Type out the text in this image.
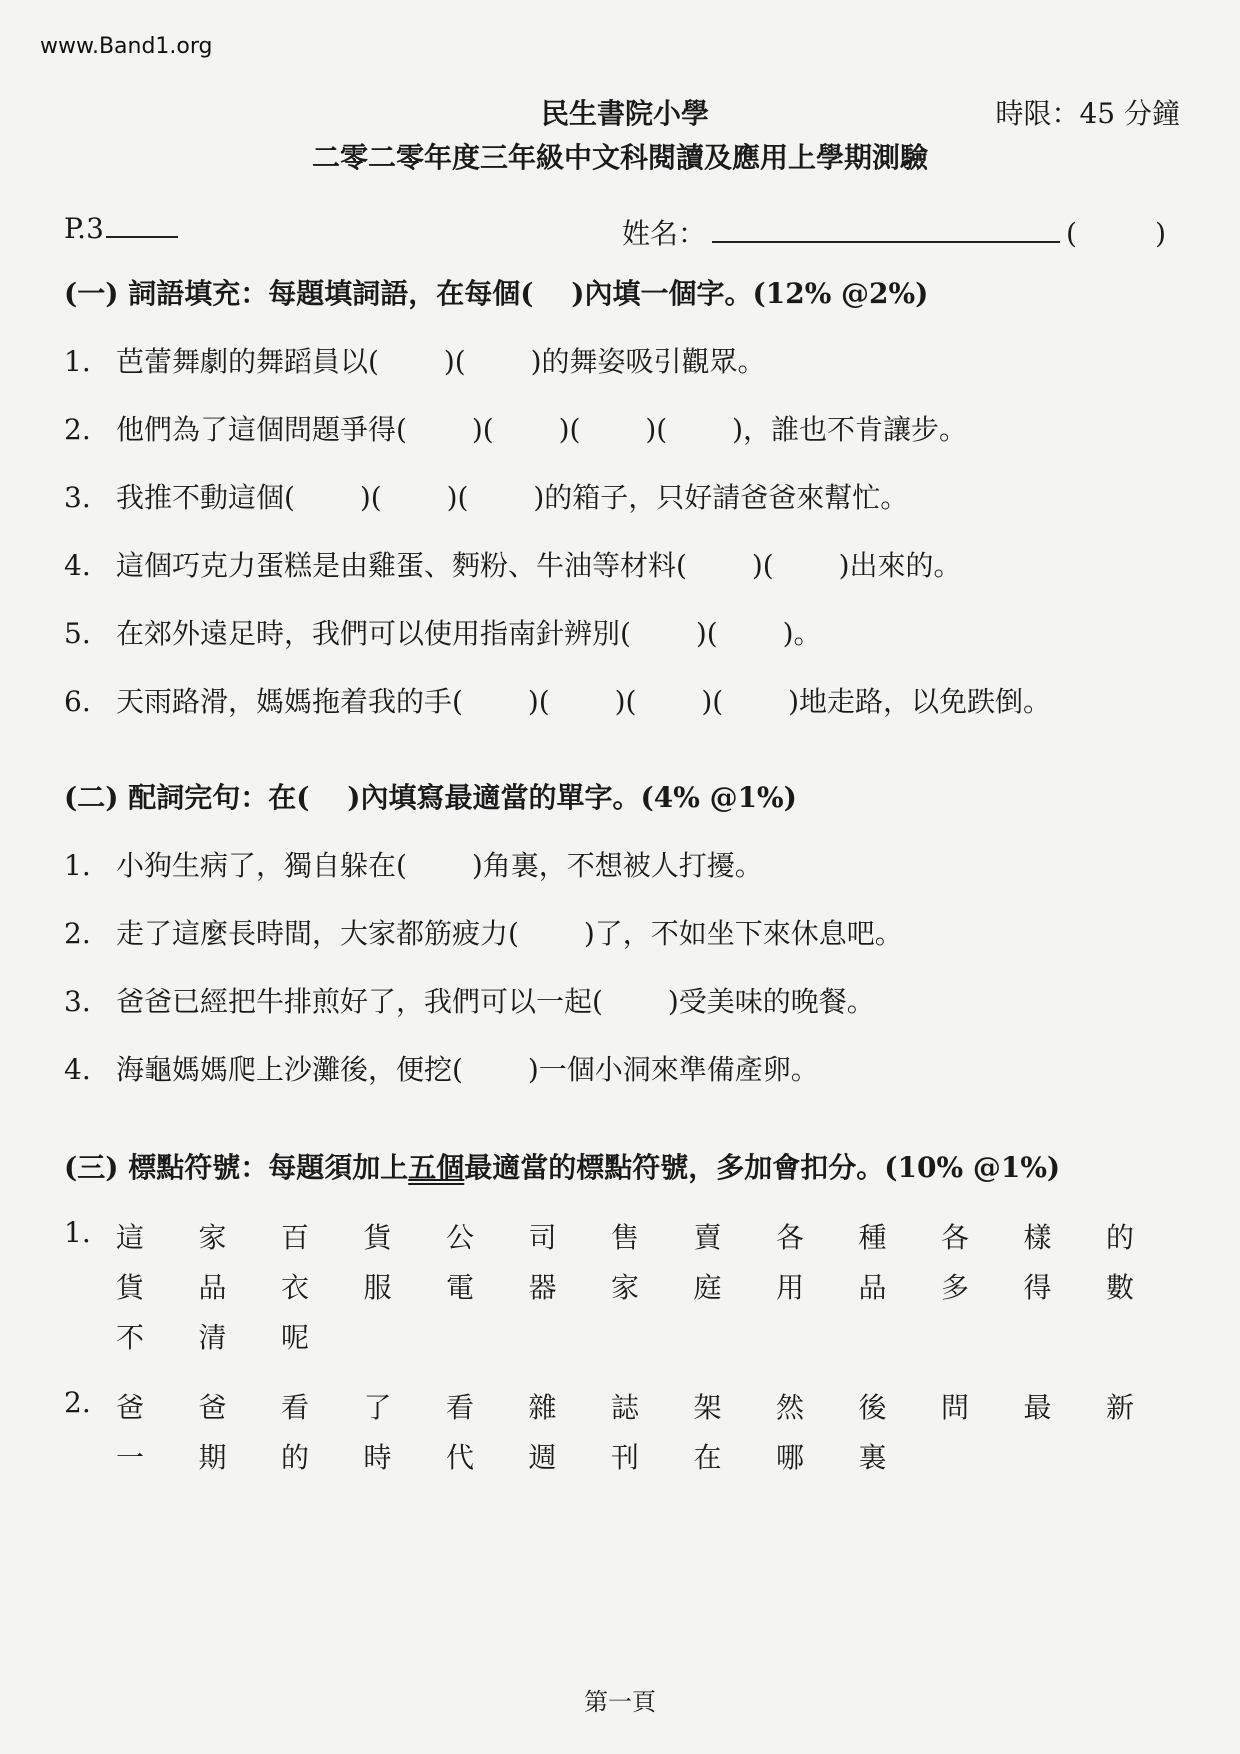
www.Band1.org
民生書院小學	時限：45 分鐘
二零二零年度三年級中文科閱讀及應用上學期測驗
P.3	姓名：	(	)
(一) 詞語填充：每題填詞語，在每個(　 )內填一個字。(12% @2%)
1. 芭蕾舞劇的舞蹈員以(　　 )(　　 )的舞姿吸引觀眾。
2. 他們為了這個問題爭得(　　 )(　　 )(　　 )(　　 )，誰也不肯讓步。
3. 我推不動這個(　　 )(　　 )(　　 )的箱子，只好請爸爸來幫忙。
4. 這個巧克力蛋糕是由雞蛋、麪粉、牛油等材料(　　 )(　　 )出來的。
5. 在郊外遠足時，我們可以使用指南針辨別(　　 )(　　 )。
6. 天雨路滑，媽媽拖着我的手(　　 )(　　 )(　　 )(　　 )地走路，以免跌倒。
(二) 配詞完句：在(　 )內填寫最適當的單字。(4% @1%)
1. 小狗生病了，獨自躲在(　　 )角裏，不想被人打擾。
2. 走了這麼長時間，大家都筋疲力(　　 )了，不如坐下來休息吧。
3. 爸爸已經把牛排煎好了，我們可以一起(　　 )受美味的晚餐。
4. 海龜媽媽爬上沙灘後，便挖(　　 )一個小洞來準備產卵。
(三) 標點符號：每題須加上五個最適當的標點符號，多加會扣分。(10% @1%)
1. 這	家	百	貨	公	司	售	賣	各	種	各	樣	的
貨	品	衣	服	電	器	家	庭	用	品	多	得	數
不	清	呢
2. 爸	爸	看	了	看	雜	誌	架	然	後	問	最	新
一	期	的	時	代	週	刊	在	哪	裏
第一頁
